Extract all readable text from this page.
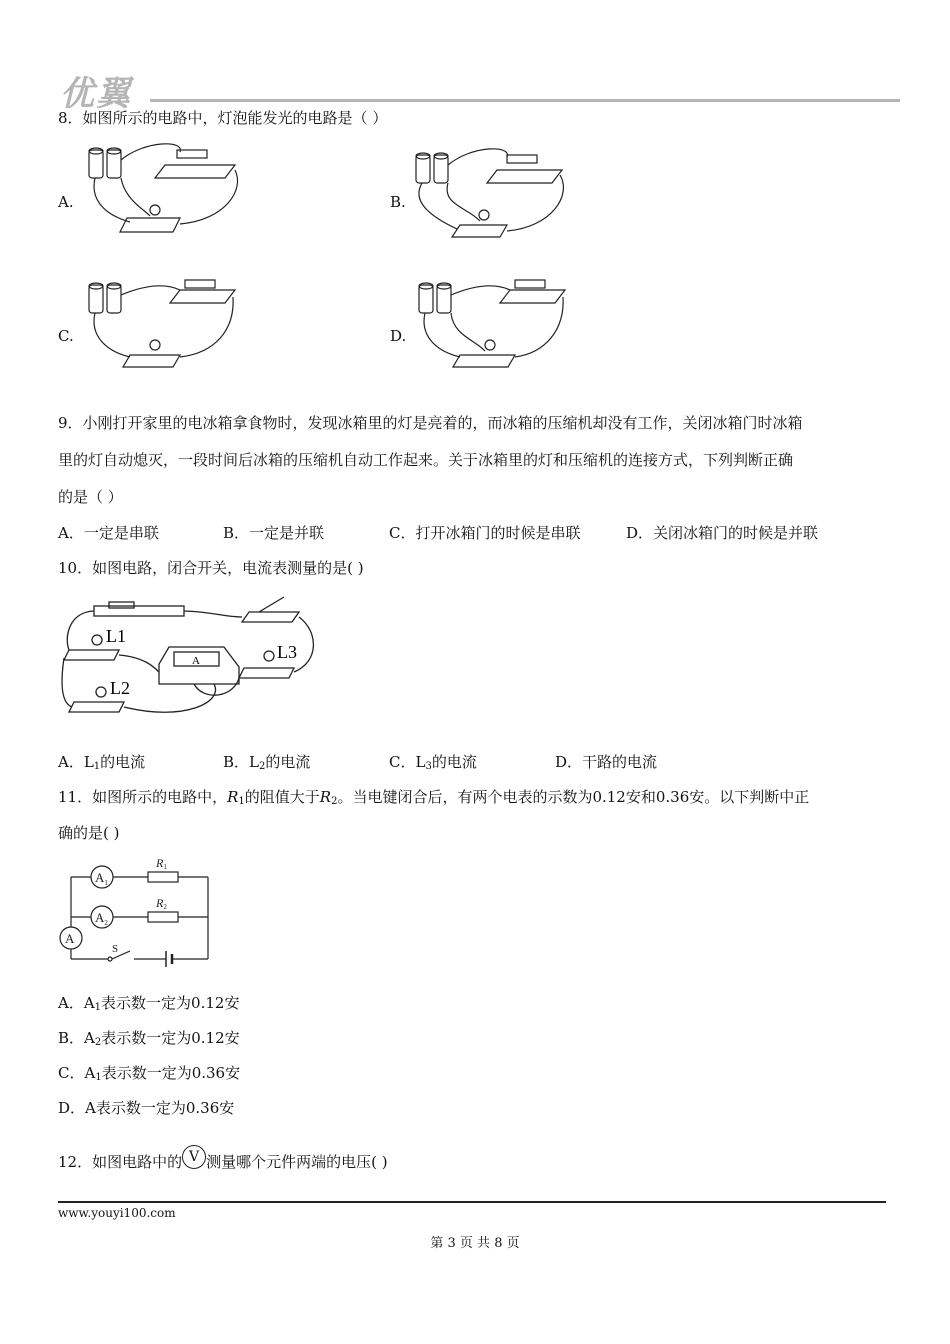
优翼
8．如图所示的电路中，灯泡能发光的电路是（ ）
A.	B.
C.	D.
9．小刚打开家里的电冰箱拿食物时，发现冰箱里的灯是亮着的，而冰箱的压缩机却没有工作，关闭冰箱门时冰箱
里的灯自动熄灭，一段时间后冰箱的压缩机自动工作起来。关于冰箱里的灯和压缩机的连接方式，下列判断正确
的是（ ）
A．一定是串联	B．一定是并联	C．打开冰箱门的时候是串联	D．关闭冰箱门的时候是并联
10．如图电路，闭合开关，电流表测量的是( )
L1
L2
L3
A
A．$L_1$的电流	B．$L_2$的电流	C．$L_3$的电流	D．干路的电流
11．如图所示的电路中，$R_1$的阻值大于$R_2$。当电键闭合后，有两个电表的示数为0.12安和0.36安。以下判断中正
确的是( )
$A_1$
$A_2$
A
S
R1
R2
A．$A_1$表示数一定为0.12安
B．$A_2$表示数一定为0.12安
C．$A_1$表示数一定为0.36安
D．A表示数一定为0.36安
12．如图电路中的 V 测量哪个元件两端的电压( )
www.youyi100.com
第 3 页 共 8 页
